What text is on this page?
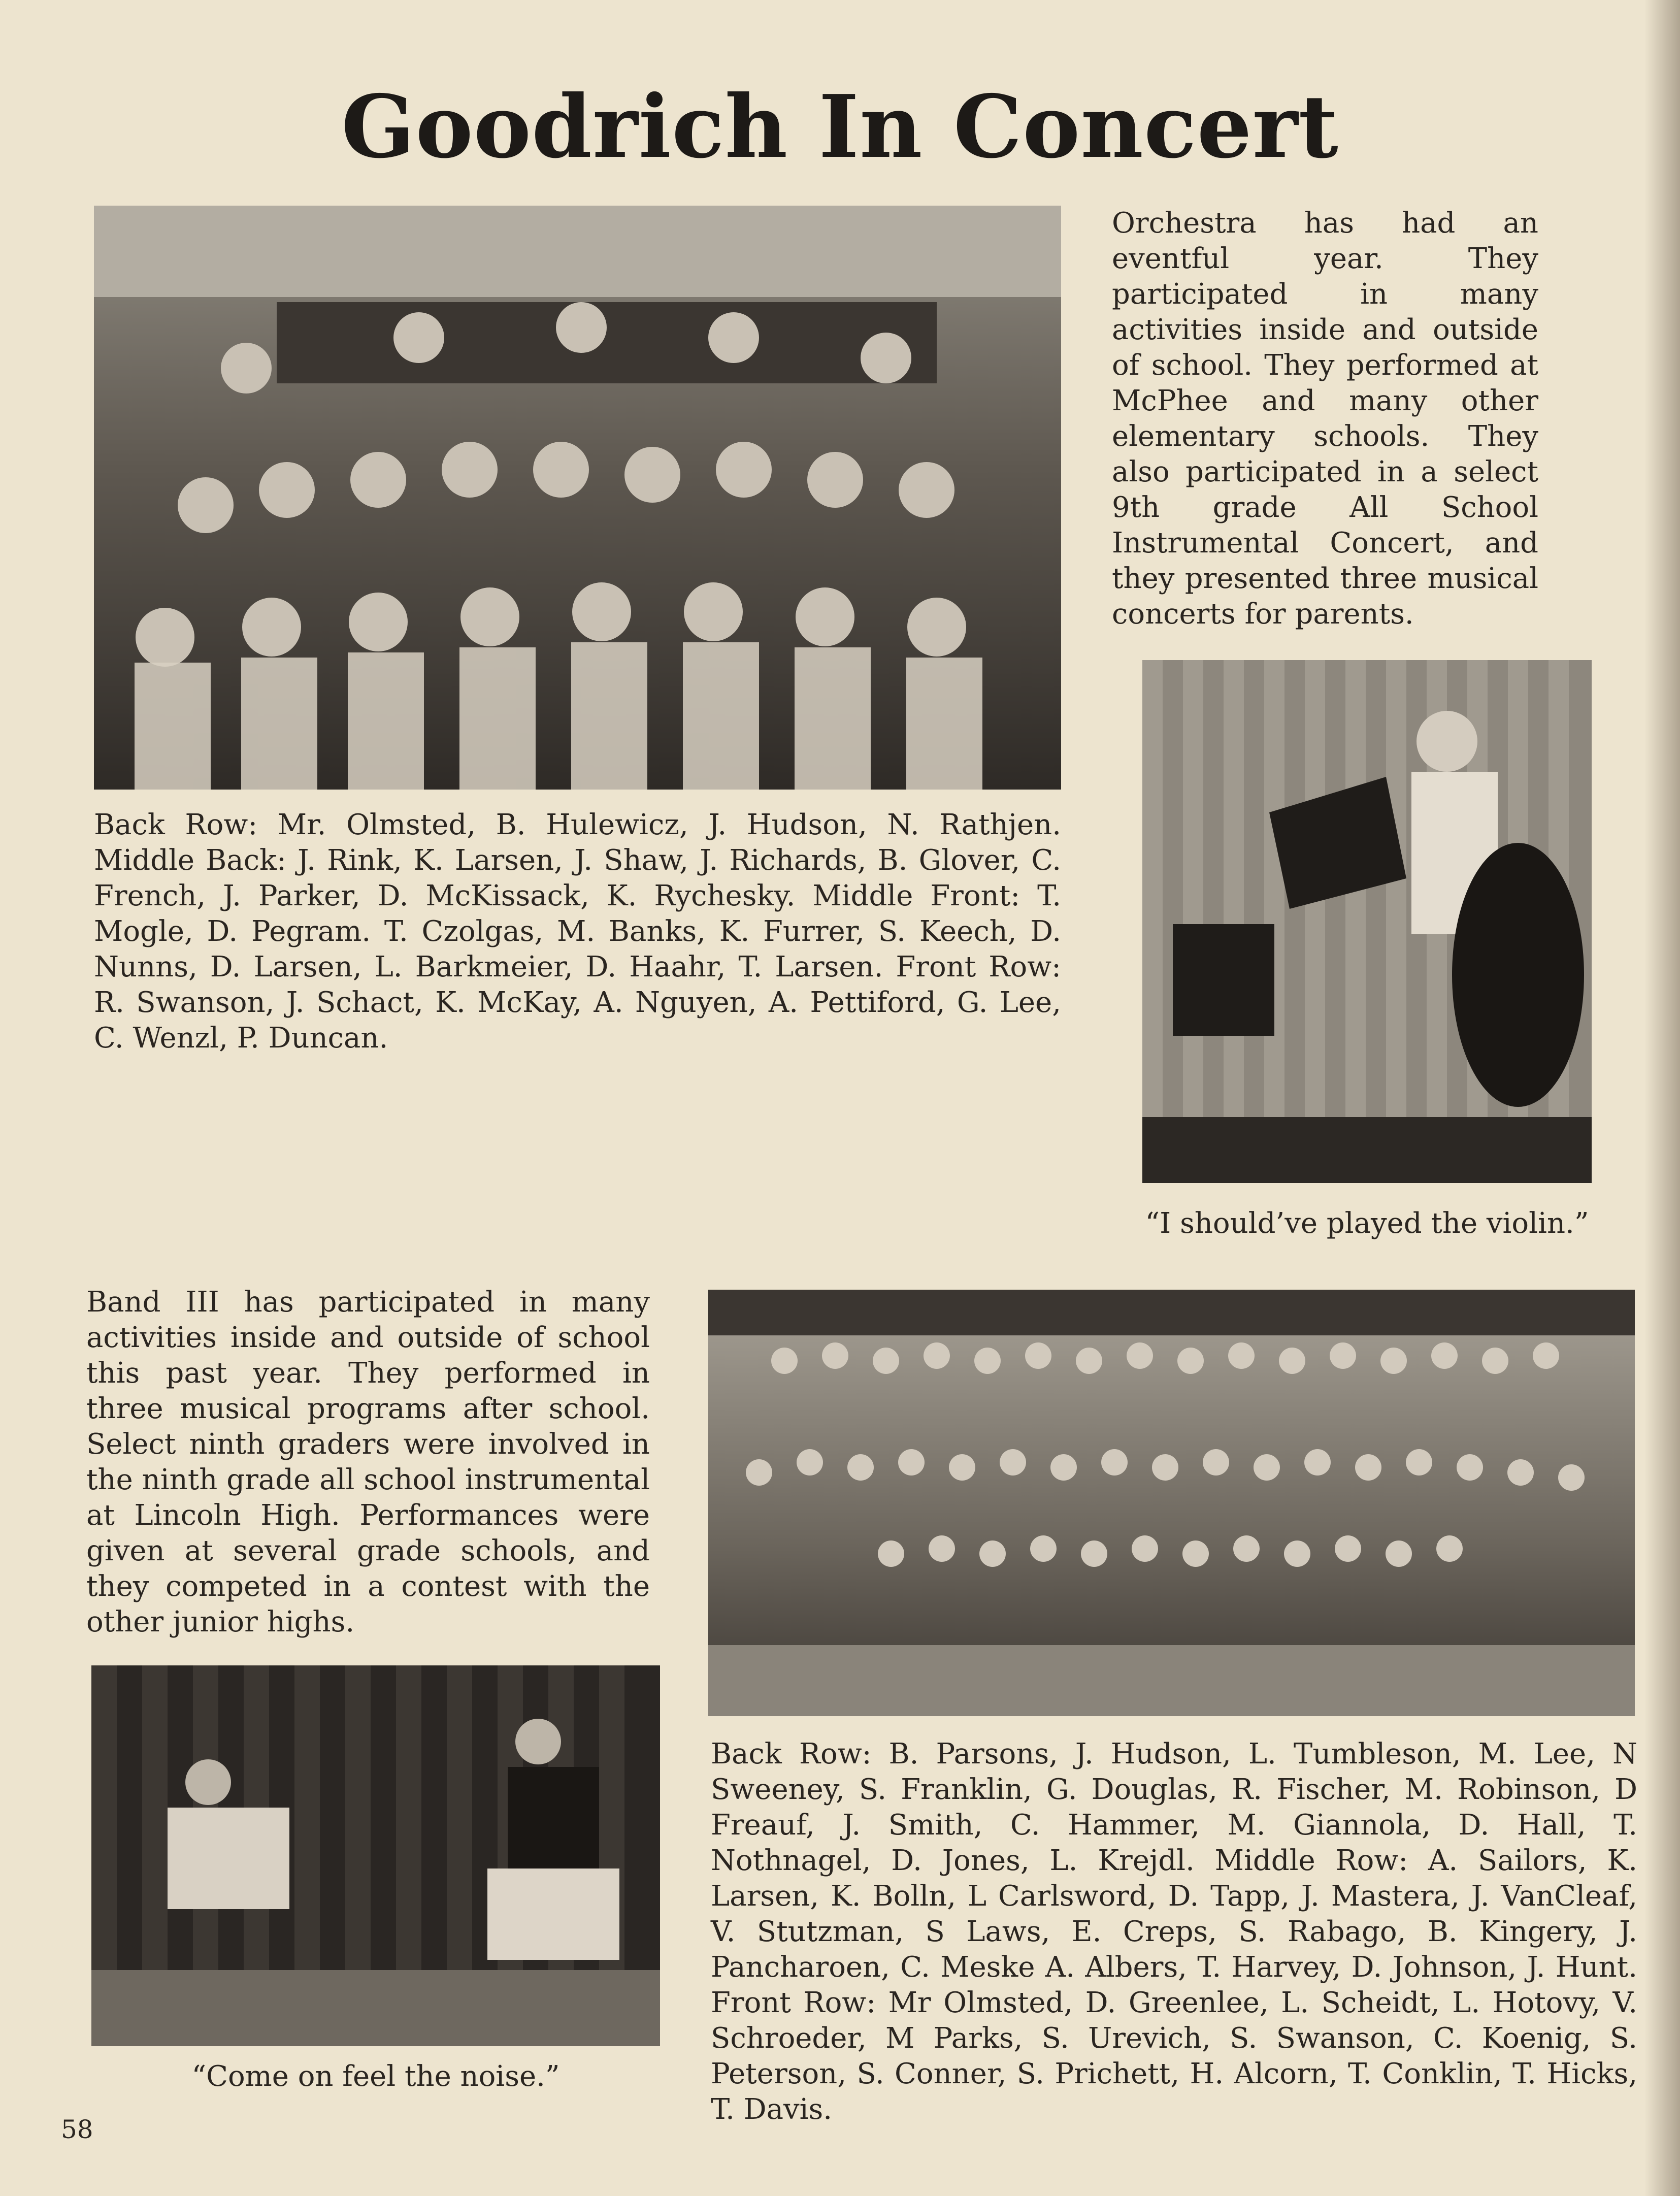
Goodrich In Concert
Orchestra has had an eventful year. They participated in many activities inside and outside of school. They performed at McPhee and many other elementary schools. They also participated in a select 9th grade All School Instrumental Concert, and they presented three musical concerts for parents.
Back Row: Mr. Olmsted, B. Hulewicz, J. Hudson, N. Rathjen. Middle Back: J. Rink, K. Larsen, J. Shaw, J. Richards, B. Glover, C. French, J. Parker, D. McKissack, K. Rychesky. Middle Front: T. Mogle, D. Pegram. T. Czolgas, M. Banks, K. Furrer, S. Keech, D. Nunns, D. Larsen, L. Barkmeier, D. Haahr, T. Larsen. Front Row: R. Swanson, J. Schact, K. McKay, A. Nguyen, A. Pettiford, G. Lee, C. Wenzl, P. Duncan.
“I should’ve played the violin.”
Band III has participated in many activities inside and outside of school this past year. They performed in three musical programs after school. Select ninth graders were involved in the ninth grade all school instrumental at Lincoln High. Performances were given at several grade schools, and they competed in a contest with the other junior highs.
Back Row: B. Parsons, J. Hudson, L. Tumbleson, M. Lee, N Sweeney, S. Franklin, G. Douglas, R. Fischer, M. Robinson, D Freauf, J. Smith, C. Hammer, M. Giannola, D. Hall, T. Nothnagel, D. Jones, L. Krejdl. Middle Row: A. Sailors, K. Larsen, K. Bolln, L Carlsword, D. Tapp, J. Mastera, J. VanCleaf, V. Stutzman, S Laws, E. Creps, S. Rabago, B. Kingery, J. Pancharoen, C. Meske A. Albers, T. Harvey, D. Johnson, J. Hunt. Front Row: Mr Olmsted, D. Greenlee, L. Scheidt, L. Hotovy, V. Schroeder, M Parks, S. Urevich, S. Swanson, C. Koenig, S. Peterson, S. Conner, S. Prichett, H. Alcorn, T. Conklin, T. Hicks, T. Davis.
“Come on feel the noise.”
58
